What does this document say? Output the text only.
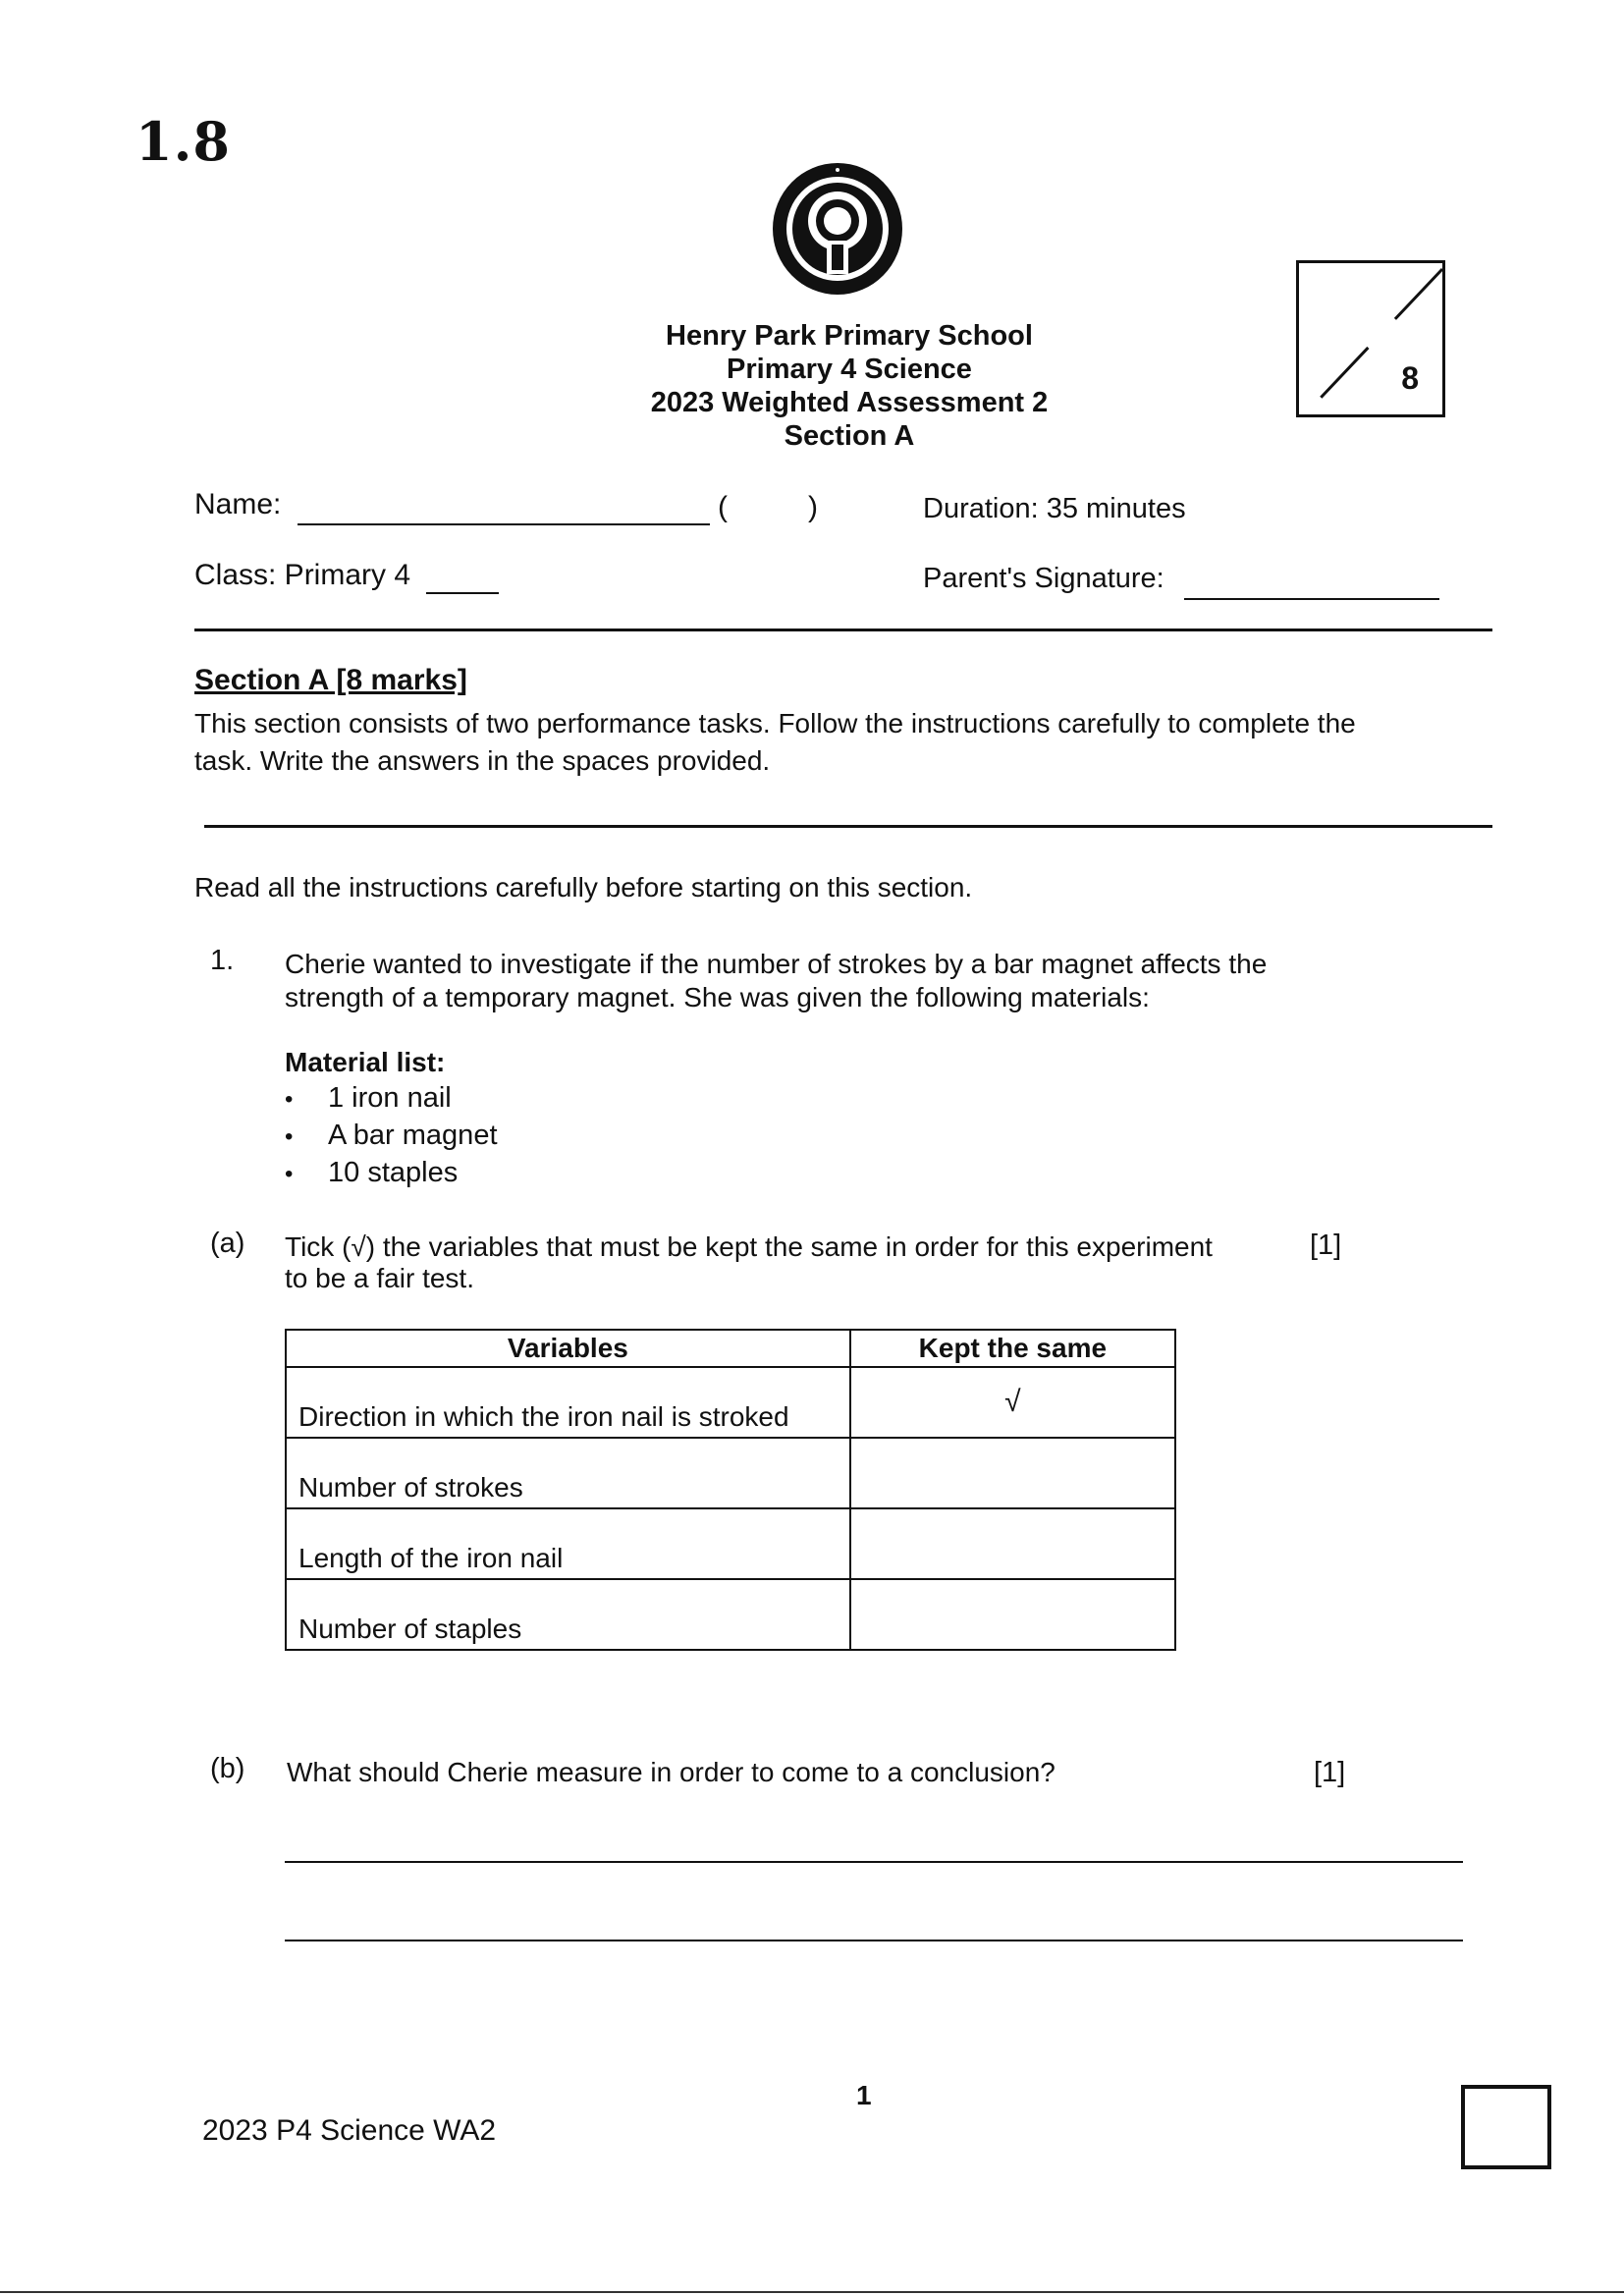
1.8
Henry Park Primary School
Primary 4 Science
2023 Weighted Assessment 2
Section A
8
Name:	(	)	Duration: 35 minutes
Class: Primary 4	Parent's Signature:
Section A [8 marks]
This section consists of two performance tasks. Follow the instructions carefully to complete the
task. Write the answers in the spaces provided.
Read all the instructions carefully before starting on this section.
1. Cherie wanted to investigate if the number of strokes by a bar magnet affects the
strength of a temporary magnet. She was given the following materials:
Material list:
• 1 iron nail
• A bar magnet
• 10 staples
(a) Tick (√) the variables that must be kept the same in order for this experiment
to be a fair test.
[1]
Variables	Kept the same
Direction in which the iron nail is stroked	√
Number of strokes	
Length of the iron nail	
Number of staples	
(b) What should Cherie measure in order to come to a conclusion?	[1]
1
2023 P4 Science WA2
